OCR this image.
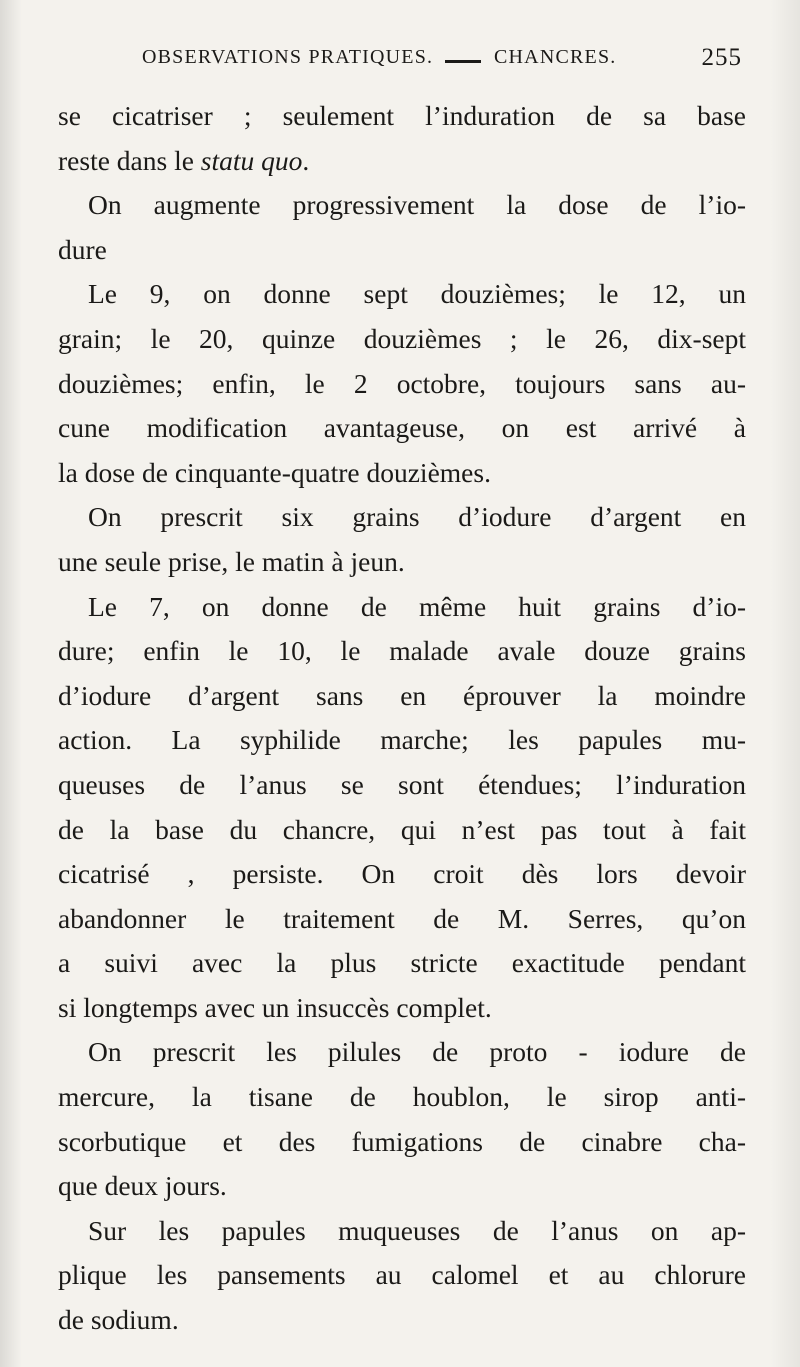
OBSERVATIONS PRATIQUES.	CHANCRES.	255
se cicatriser ; seulement l’induration de sa base
reste dans le statu quo.
On augmente progressivement la dose de l’io-
dure
Le 9, on donne sept douzièmes; le 12, un
grain; le 20, quinze douzièmes ; le 26, dix-sept
douzièmes; enfin, le 2 octobre, toujours sans au-
cune modification avantageuse, on est arrivé à
la dose de cinquante-quatre douzièmes.
On prescrit six grains d’iodure d’argent en
une seule prise, le matin à jeun.
Le 7, on donne de même huit grains d’io-
dure; enfin le 10, le malade avale douze grains
d’iodure d’argent sans en éprouver la moindre
action. La syphilide marche; les papules mu-
queuses de l’anus se sont étendues; l’induration
de la base du chancre, qui n’est pas tout à fait
cicatrisé , persiste. On croit dès lors devoir
abandonner le traitement de M. Serres, qu’on
a suivi avec la plus stricte exactitude pendant
si longtemps avec un insuccès complet.
On prescrit les pilules de proto - iodure de
mercure, la tisane de houblon, le sirop anti-
scorbutique et des fumigations de cinabre cha-
que deux jours.
Sur les papules muqueuses de l’anus on ap-
plique les pansements au calomel et au chlorure
de sodium.
